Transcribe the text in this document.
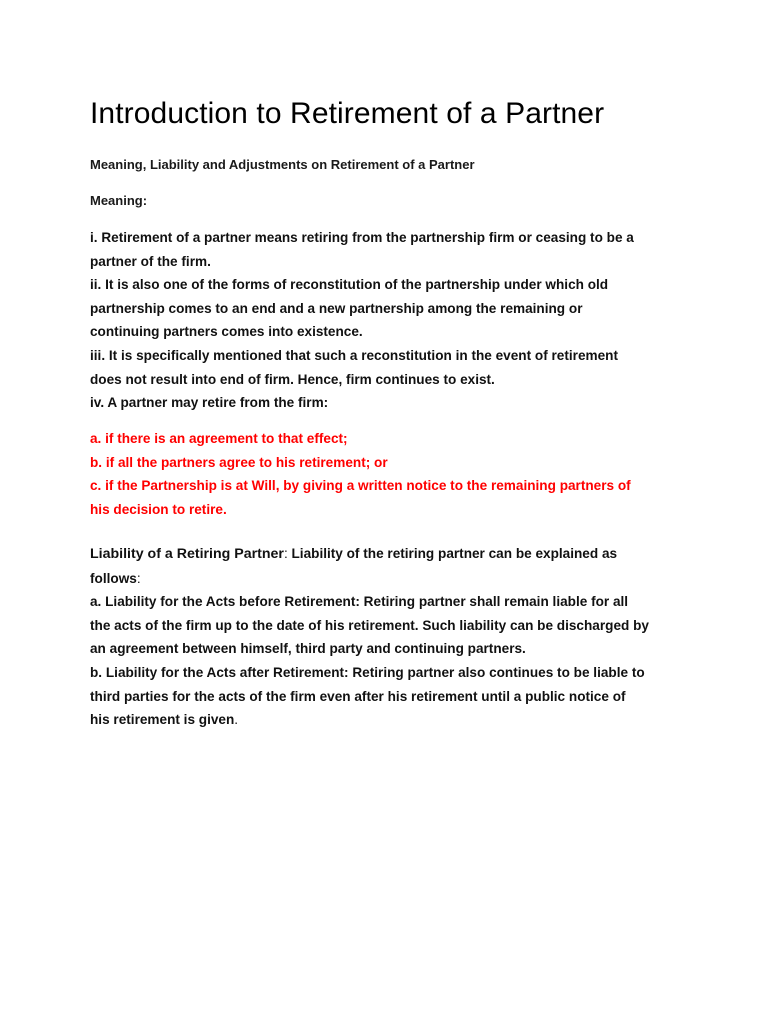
Introduction to Retirement of a Partner

Meaning, Liability and Adjustments on Retirement of a Partner

Meaning:

i. Retirement of a partner means retiring from the partnership firm or ceasing to be a
partner of the firm.
ii. It is also one of the forms of reconstitution of the partnership under which old
partnership comes to an end and a new partnership among the remaining or
continuing partners comes into existence.
iii. It is specifically mentioned that such a reconstitution in the event of retirement
does not result into end of firm. Hence, firm continues to exist.
iv. A partner may retire from the firm:

a. if there is an agreement to that effect;
b. if all the partners agree to his retirement; or
c. if the Partnership is at Will, by giving a written notice to the remaining partners of
his decision to retire.

Liability of a Retiring Partner: Liability of the retiring partner can be explained as
follows:
a. Liability for the Acts before Retirement: Retiring partner shall remain liable for all
the acts of the firm up to the date of his retirement. Such liability can be discharged by
an agreement between himself, third party and continuing partners.
b. Liability for the Acts after Retirement: Retiring partner also continues to be liable to
third parties for the acts of the firm even after his retirement until a public notice of
his retirement is given.
